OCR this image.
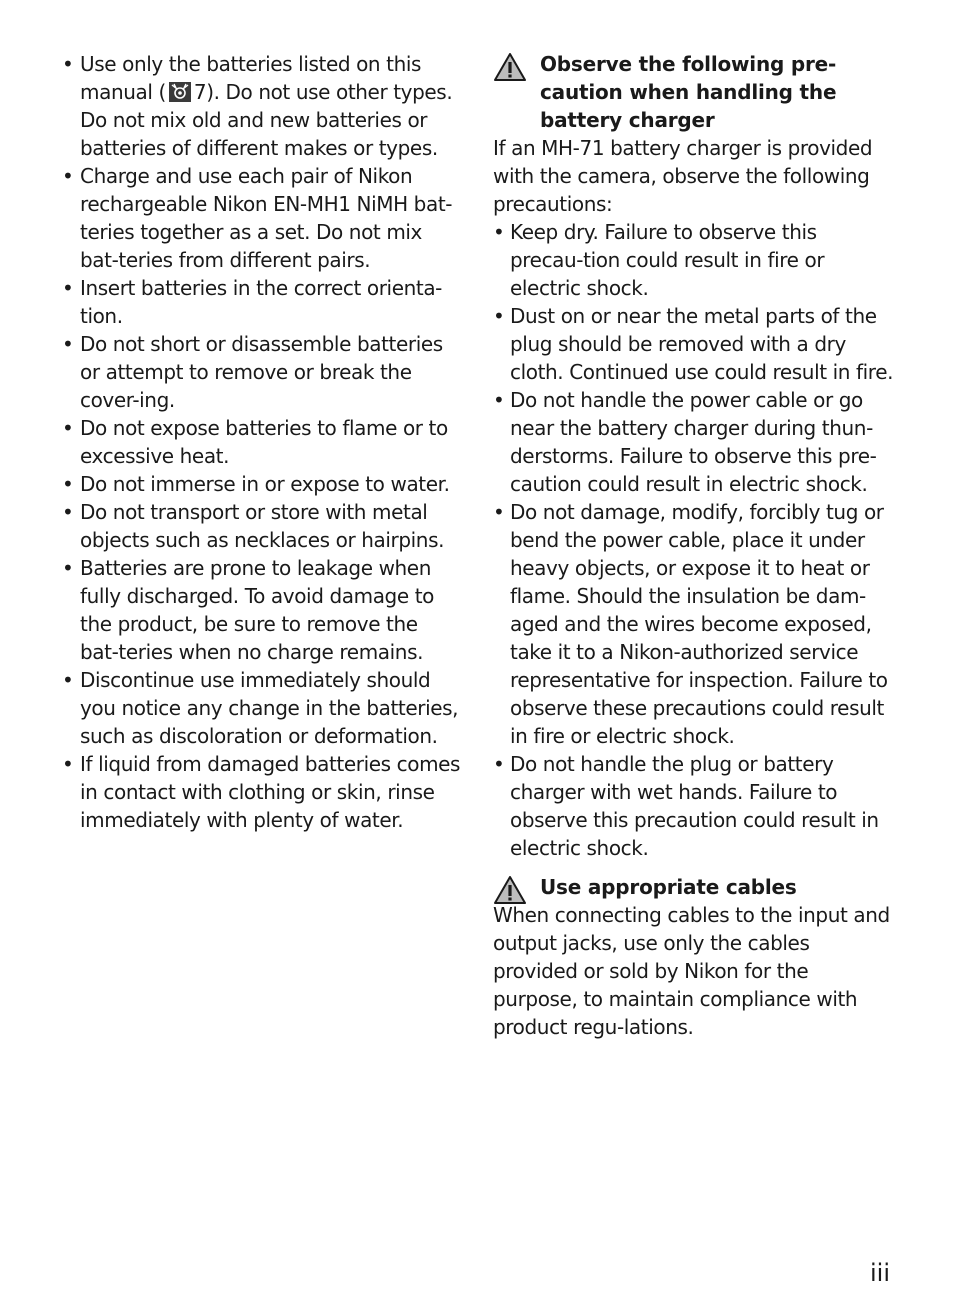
• Use only the batteries listed on this manual ( 7). Do not use other types. Do not mix old and new batteries or batteries of different makes or types.
• Charge and use each pair of Nikon rechargeable Nikon EN-MH1 NiMH bat-teries together as a set. Do not mix bat-teries from different pairs.
• Insert batteries in the correct orienta-tion.
• Do not short or disassemble batteries or attempt to remove or break the cover-ing.
• Do not expose batteries to flame or to excessive heat.
• Do not immerse in or expose to water.
• Do not transport or store with metal objects such as necklaces or hairpins.
• Batteries are prone to leakage when fully discharged. To avoid damage to the product, be sure to remove the bat-teries when no charge remains.
• Discontinue use immediately should you notice any change in the batteries, such as discoloration or deformation.
• If liquid from damaged batteries comes in contact with clothing or skin, rinse immediately with plenty of water.
Observe the following pre-caution when handling the battery charger

If an MH-71 battery charger is provided with the camera, observe the following precautions:

• Keep dry. Failure to observe this precau-tion could result in fire or electric shock.
• Dust on or near the metal parts of the plug should be removed with a dry cloth. Continued use could result in fire.
• Do not handle the power cable or go near the battery charger during thun-derstorms. Failure to observe this pre-caution could result in electric shock.
• Do not damage, modify, forcibly tug or bend the power cable, place it under heavy objects, or expose it to heat or flame. Should the insulation be dam-aged and the wires become exposed, take it to a Nikon-authorized service representative for inspection. Failure to observe these precautions could result in fire or electric shock.
• Do not handle the plug or battery charger with wet hands. Failure to observe this precaution could result in electric shock.
Use appropriate cables

When connecting cables to the input and output jacks, use only the cables provided or sold by Nikon for the purpose, to maintain compliance with product regu-lations.

iii
